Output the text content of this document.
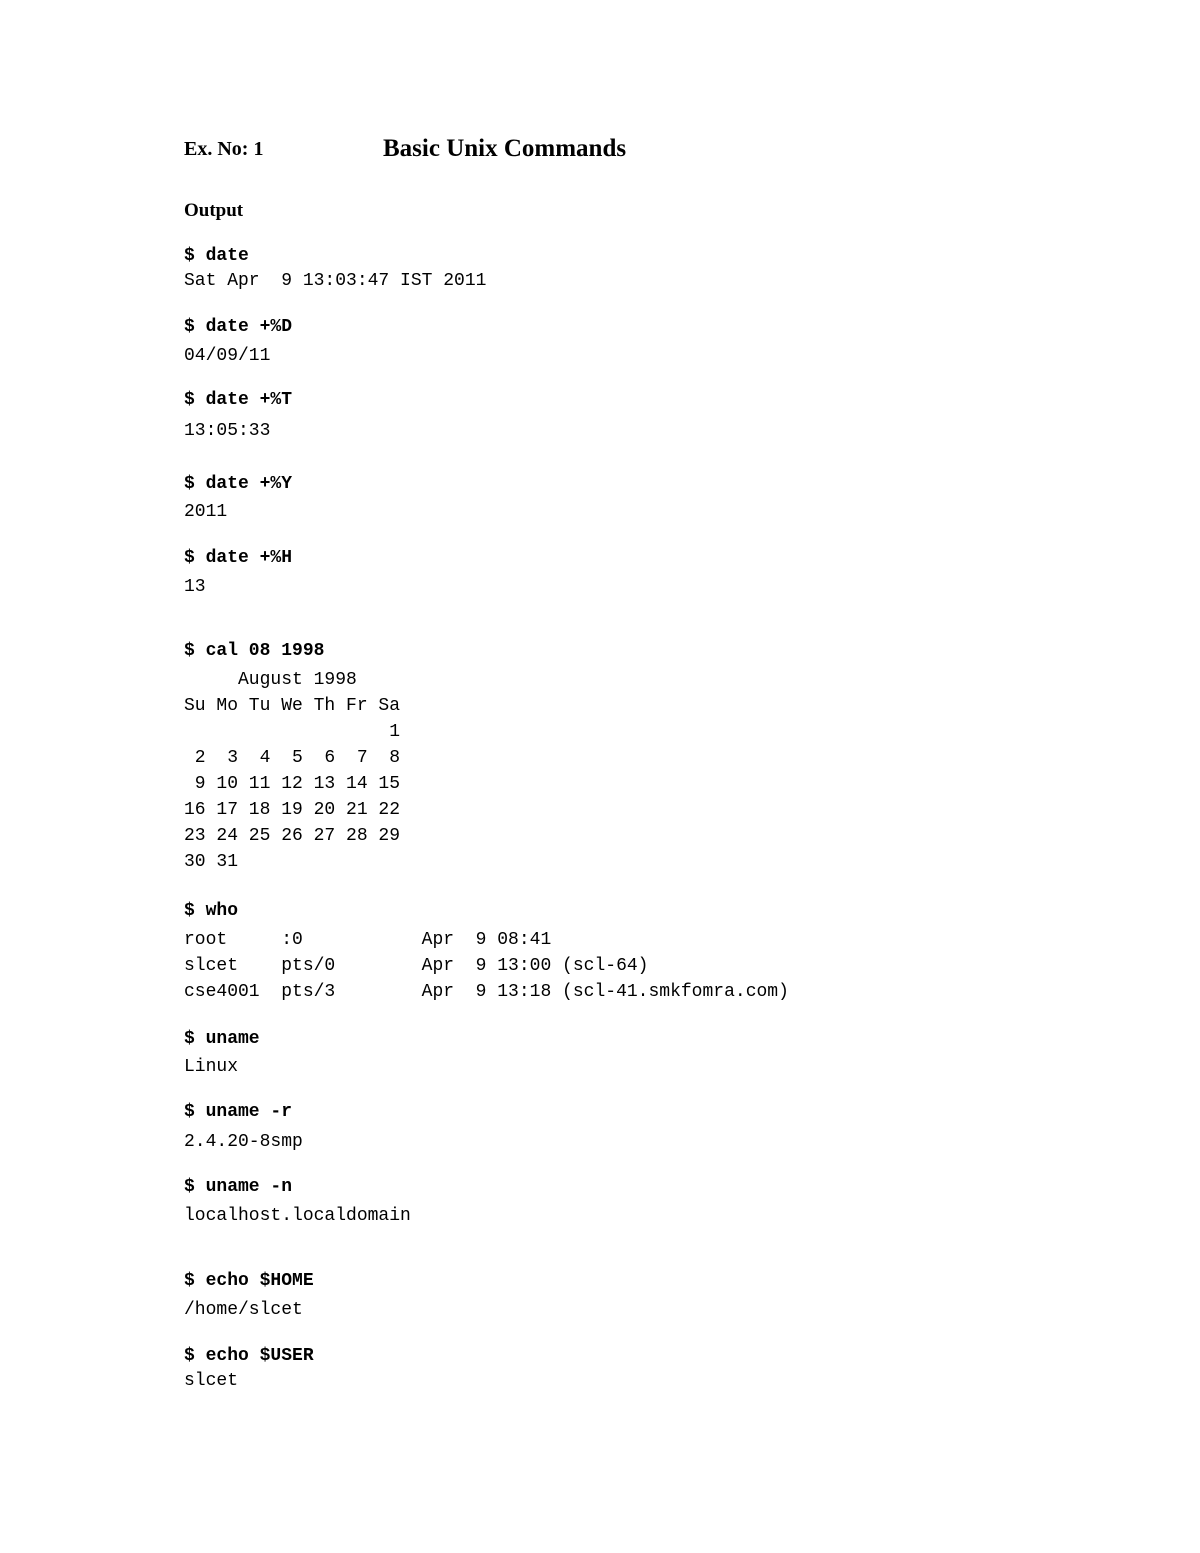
Ex. No: 1	Basic Unix Commands
Output
$ date
Sat Apr  9 13:03:47 IST 2011
$ date +%D
04/09/11
$ date +%T
13:05:33
$ date +%Y
2011
$ date +%H
13
$ cal 08 1998
August 1998
Su Mo Tu We Th Fr Sa
1
2  3  4  5  6  7  8
9 10 11 12 13 14 15
16 17 18 19 20 21 22
23 24 25 26 27 28 29
30 31
$ who
root     :0           Apr  9 08:41
slcet    pts/0        Apr  9 13:00 (scl-64)
cse4001  pts/3        Apr  9 13:18 (scl-41.smkfomra.com)
$ uname
Linux
$ uname -r
2.4.20-8smp
$ uname -n
localhost.localdomain
$ echo $HOME
/home/slcet
$ echo $USER
slcet
